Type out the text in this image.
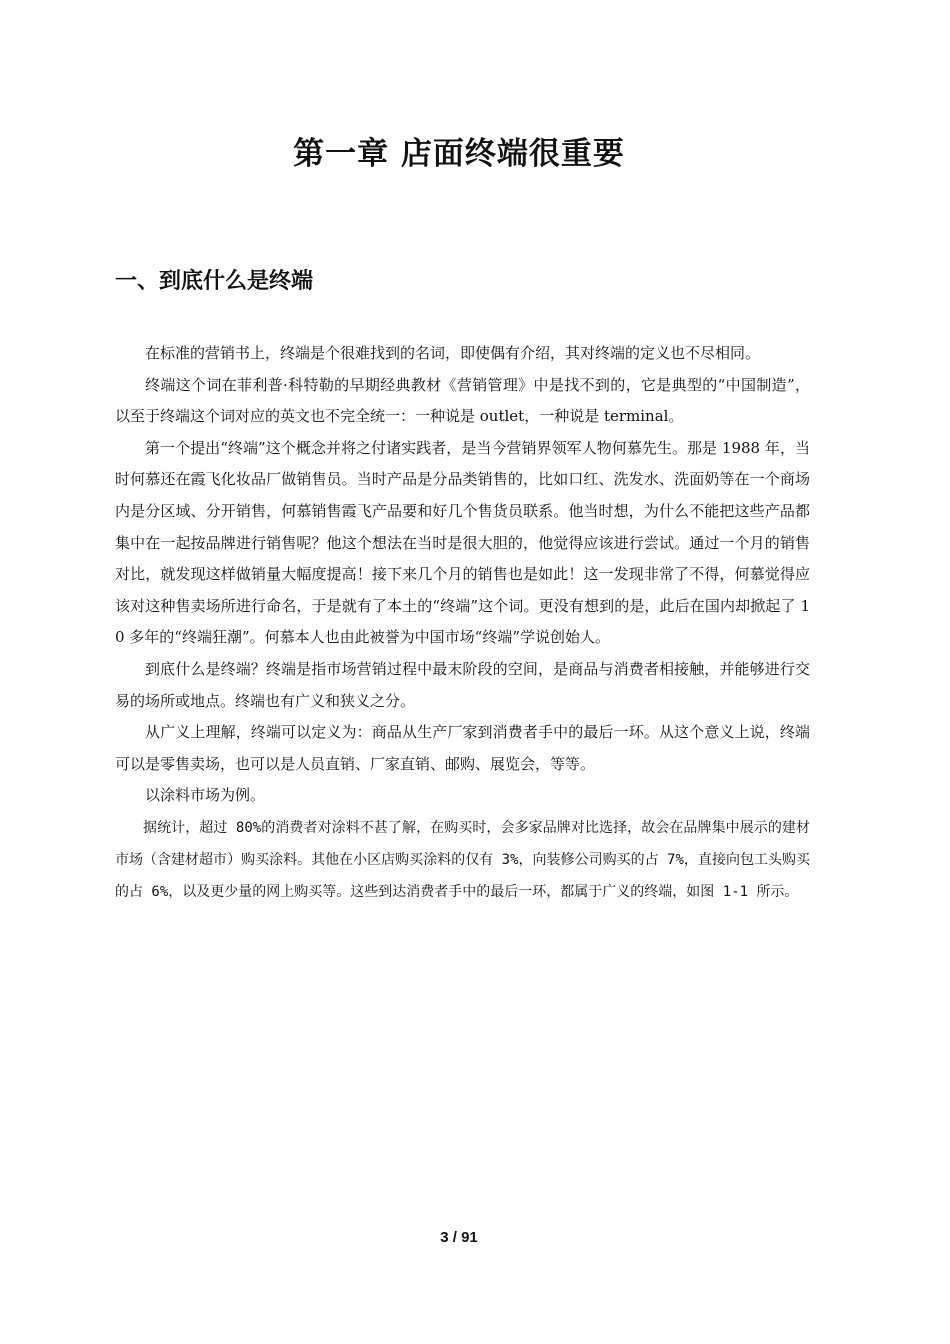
第一章 店面终端很重要
一、到底什么是终端

在标准的营销书上，终端是个很难找到的名词，即使偶有介绍，其对终端的定义也不尽相同。

终端这个词在菲利普·科特勒的早期经典教材《营销管理》中是找不到的，它是典型的“中国制造”，以至于终端这个词对应的英文也不完全统一：一种说是 outlet，一种说是 terminal。

第一个提出“终端”这个概念并将之付诸实践者，是当今营销界领军人物何慕先生。那是 1988 年，当时何慕还在霞飞化妆品厂做销售员。当时产品是分品类销售的，比如口红、洗发水、洗面奶等在一个商场内是分区域、分开销售，何慕销售霞飞产品要和好几个售货员联系。他当时想，为什么不能把这些产品都集中在一起按品牌进行销售呢？他这个想法在当时是很大胆的，他觉得应该进行尝试。通过一个月的销售对比，就发现这样做销量大幅度提高！接下来几个月的销售也是如此！这一发现非常了不得，何慕觉得应该对这种售卖场所进行命名，于是就有了本土的“终端”这个词。更没有想到的是，此后在国内却掀起了 10 多年的“终端狂潮”。何慕本人也由此被誉为中国市场“终端”学说创始人。

到底什么是终端？终端是指市场营销过程中最末阶段的空间，是商品与消费者相接触，并能够进行交易的场所或地点。终端也有广义和狭义之分。

从广义上理解，终端可以定义为：商品从生产厂家到消费者手中的最后一环。从这个意义上说，终端可以是零售卖场，也可以是人员直销、厂家直销、邮购、展览会，等等。

以涂料市场为例。

据统计，超过 80%的消费者对涂料不甚了解，在购买时，会多家品牌对比选择，故会在品牌集中展示的建材市场（含建材超市）购买涂料。其他在小区店购买涂料的仅有 3%，向装修公司购买的占 7%，直接向包工头购买的占 6%，以及更少量的网上购买等。这些到达消费者手中的最后一环，都属于广义的终端，如图 1-1 所示。

3 / 91
